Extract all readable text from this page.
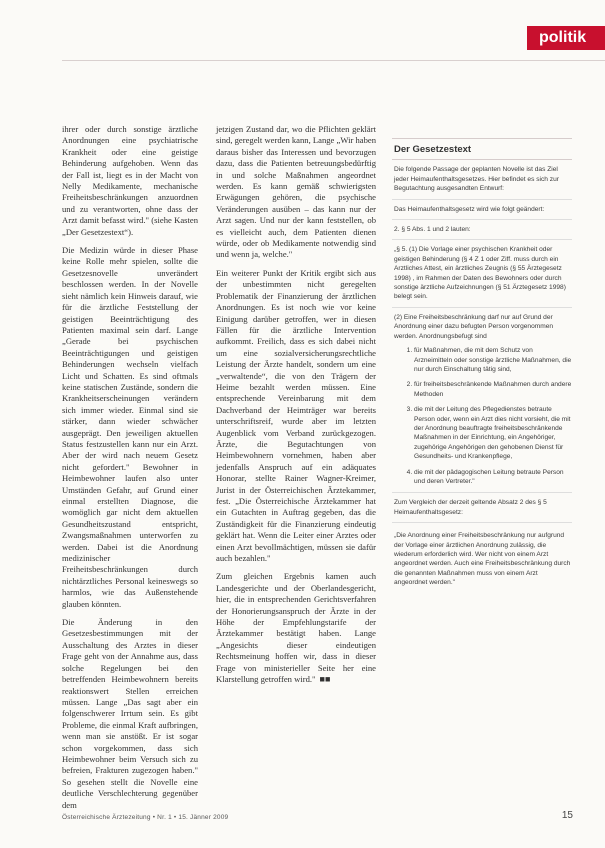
politik

ihrer oder durch sonstige ärztliche Anordnungen eine psychiatrische Krankheit oder eine geistige Behinderung aufgehoben. Wenn das der Fall ist, liegt es in der Macht von Nelly Medikamente, mechanische Freiheitsbeschränkungen anzuordnen und zu verantworten, ohne dass der Arzt damit befasst wird." (siehe Kasten „Der Gesetzestext“).

Die Medizin würde in dieser Phase keine Rolle mehr spielen, sollte die Gesetzesnovelle unverändert beschlossen werden. In der Novelle sieht nämlich kein Hinweis darauf, wie für die ärztliche Feststellung der geistigen Beeinträchtigung des Patienten maximal sein darf. Lange „Gerade bei psychischen Beeinträchtigungen und geistigen Behinderungen wechseln vielfach Licht und Schatten. Es sind oftmals keine statischen Zustände, sondern die Krankheitserscheinungen verändern sich immer wieder. Einmal sind sie stärker, dann wieder schwächer ausgeprägt. Den jeweiligen aktuellen Status festzustellen kann nur ein Arzt. Aber der wird nach neuem Gesetz nicht gefordert." Bewohner in Heimbewohner laufen also unter Umständen Gefahr, auf Grund einer einmal erstellten Diagnose, die womöglich gar nicht dem aktuellen Gesundheitszustand entspricht, Zwangsmaßnahmen unterworfen zu werden. Dabei ist die Anordnung medizinischer Freiheitsbeschränkungen durch nichtärztliches Personal keineswegs so harmlos, wie das Außenstehende glauben könnten.

Die Änderung in den Gesetzesbestimmungen mit der Ausschaltung des Arztes in dieser Frage geht von der Annahme aus, dass solche Regelungen bei den betreffenden Heimbewohnern bereits reaktionswert Stellen erreichen müssen. Lange „Das sagt aber ein folgenschwerer Irrtum sein. Es gibt Probleme, die einmal Kraft aufbringen, wenn man sie anstößt. Er ist sogar schon vorgekommen, dass sich Heimbewohner beim Versuch sich zu befreien, Frakturen zugezogen haben." So gesehen stellt die Novelle eine deutliche Verschlechterung gegenüber dem

jetzigen Zustand dar, wo die Pflichten geklärt sind, geregelt werden kann, Lange „Wir haben daraus bisher das Interessen und bevorzugen dazu, dass die Patienten betreuungsbedürftig in und solche Maßnahmen angeordnet werden. Es kann gemäß schwierigsten Erwägungen gehören, die psychische Veränderungen ausüben – das kann nur der Arzt sagen. Und nur der kann feststellen, ob es vielleicht auch, dem Patienten dienen würde, oder ob Medikamente notwendig sind und wenn ja, welche."

Ein weiterer Punkt der Kritik ergibt sich aus der unbestimmten nicht geregelten Problematik der Finanzierung der ärztlichen Anordnungen. Es ist noch wie vor keine Einigung darüber getroffen, wer in diesen Fällen für die ärztliche Intervention aufkommt. Freilich, dass es sich dabei nicht um eine sozialversicherungsrechtliche Leistung der Ärzte handelt, sondern um eine „verwaltende“, die von den Trägern der Heime bezahlt werden müssen. Eine entsprechende Vereinbarung mit dem Dachverband der Heimträger war bereits unterschriftsreif, wurde aber im letzten Augenblick vom Verband zurückgezogen. Ärzte, die Begutachtungen von Heimbewohnern vornehmen, haben aber jedenfalls Anspruch auf ein adäquates Honorar, stellte Rainer Wagner-Kreimer, Jurist in der Österreichischen Ärztekammer, fest. „Die Österreichische Ärztekammer hat ein Gutachten in Auftrag gegeben, das die Zuständigkeit für die Finanzierung eindeutig geklärt hat. Wenn die Leiter einer Arztes oder einen Arzt bevollmächtigen, müssen sie dafür auch bezahlen."

Zum gleichen Ergebnis kamen auch Landesgerichte und der Oberlandesgericht, hier, die in entsprechenden Gerichtsverfahren der Honorierungsanspruch der Ärzte in der Höhe der Empfehlungstarife der Ärztekammer bestätigt haben. Lange „Angesichts dieser eindeutigen Rechtsmeinung hoffen wir, dass in dieser Frage von ministerieller Seite her eine Klarstellung getroffen wird." ■■

Der Gesetzestext

Die folgende Passage der geplanten Novelle ist das Ziel jeder Heimaufenthaltsgesetzes. Hier befindet es sich zur Begutachtung ausgesandten Entwurf:

Das Heimaufenthaltsgesetz wird wie folgt geändert:

2. § 5 Abs. 1 und 2 lauten:

„§ 5. (1) Die Vorlage einer psychischen Krankheit oder geistigen Behinderung (§ 4 Z 1 oder Ziff. muss durch ein Arztliches Attest, ein ärztliches Zeugnis (§ 55 Ärztegesetz 1998) , im Rahmen der Daten des Bewohners oder durch sonstige ärztliche Aufzeichnungen (§ 51 Ärztegesetz 1998) belegt sein.

(2) Eine Freiheitsbeschränkung darf nur auf Grund der Anordnung einer dazu befugten Person vorgenommen werden. Anordnungsbefugt sind

1. für Maßnahmen, die mit dem Schutz von Arzneimitteln oder sonstige ärztliche Maßnahmen, die nur durch Einschaltung tätig sind,
2. für freiheitsbeschränkende Maßnahmen durch andere Methoden
3. die mit der Leitung des Pflegedienstes betraute Person oder, wenn ein Arzt dies nicht vorsieht, die mit der Anordnung beauftragte freiheitsbeschränkende Maßnahmen in der Einrichtung, ein Angehöriger, zugehörige Angehörigen den gehobenen Dienst für Gesundheits- und Krankenpflege,
4. die mit der pädagogischen Leitung betraute Person und deren Vertreter."

Zum Vergleich der derzeit geltende Absatz 2 des § 5 Heimaufenthaltsgesetz:

„Die Anordnung einer Freiheitsbeschränkung nur aufgrund der Vorlage einer ärztlichen Anordnung zulässig, die wiederum erforderlich wird. Wer nicht von einem Arzt angeordnet werden. Auch eine Freiheitsbeschränkung durch die genannten Maßnahmen muss von einem Arzt angeordnet werden."

Österreichische Ärztezeitung • Nr. 1 • 15. Jänner 2009	15
